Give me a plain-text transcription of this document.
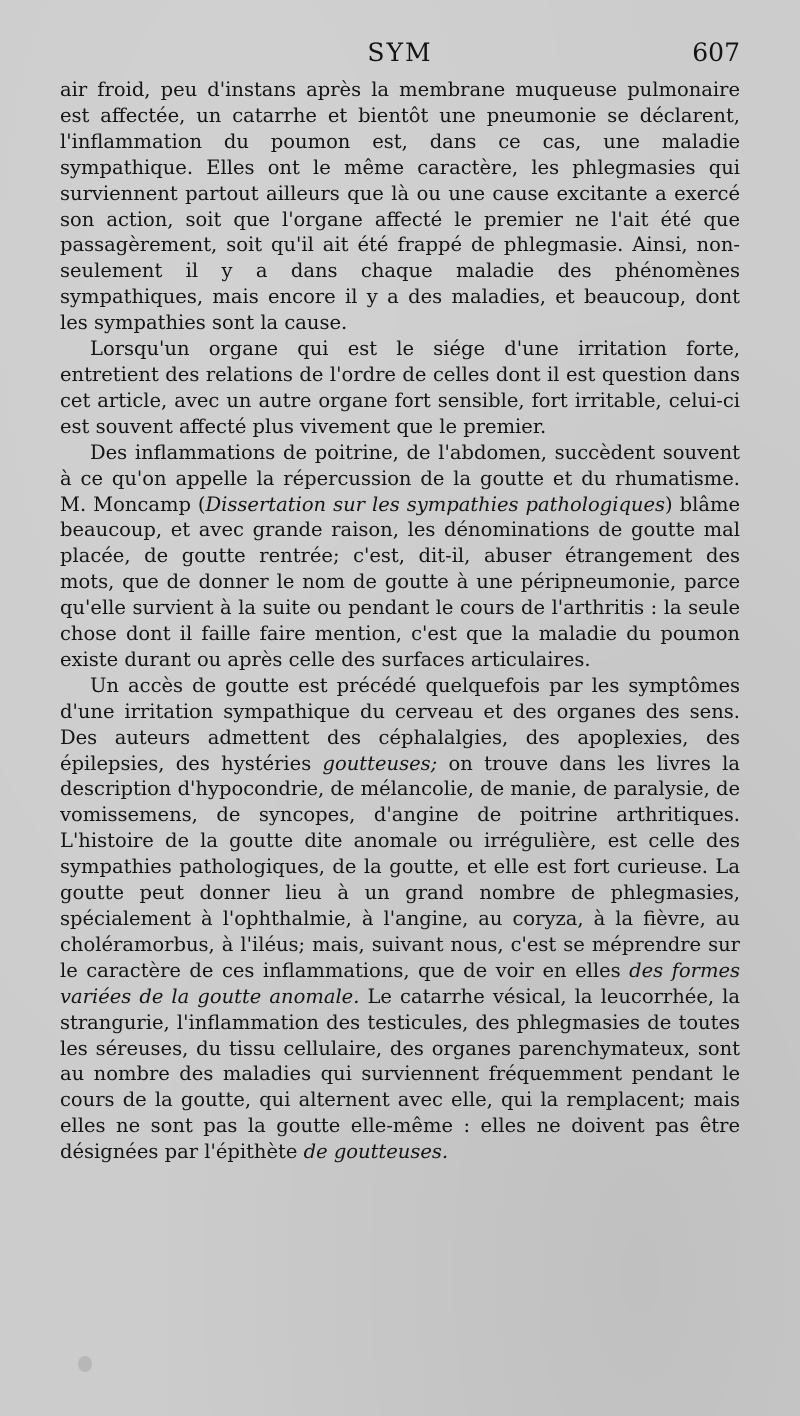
SYM	607

air froid, peu d'instans après la membrane muqueuse pulmonaire est affectée, un catarrhe et bientôt une pneumonie se déclarent, l'inflammation du poumon est, dans ce cas, une maladie sympathique. Elles ont le même caractère, les phlegmasies qui surviennent partout ailleurs que là ou une cause excitante a exercé son action, soit que l'organe affecté le premier ne l'ait été que passagèrement, soit qu'il ait été frappé de phlegmasie. Ainsi, non-seulement il y a dans chaque maladie des phénomènes sympathiques, mais encore il y a des maladies, et beaucoup, dont les sympathies sont la cause.

Lorsqu'un organe qui est le siége d'une irritation forte, entretient des relations de l'ordre de celles dont il est question dans cet article, avec un autre organe fort sensible, fort irritable, celui-ci est souvent affecté plus vivement que le premier.

Des inflammations de poitrine, de l'abdomen, succèdent souvent à ce qu'on appelle la répercussion de la goutte et du rhumatisme. M. Moncamp (Dissertation sur les sympathies pathologiques) blâme beaucoup, et avec grande raison, les dénominations de goutte mal placée, de goutte rentrée; c'est, dit-il, abuser étrangement des mots, que de donner le nom de goutte à une péripneumonie, parce qu'elle survient à la suite ou pendant le cours de l'arthritis : la seule chose dont il faille faire mention, c'est que la maladie du poumon existe durant ou après celle des surfaces articulaires.

Un accès de goutte est précédé quelquefois par les symptômes d'une irritation sympathique du cerveau et des organes des sens. Des auteurs admettent des céphalalgies, des apoplexies, des épilepsies, des hystéries goutteuses; on trouve dans les livres la description d'hypocondrie, de mélancolie, de manie, de paralysie, de vomissemens, de syncopes, d'angine de poitrine arthritiques. L'histoire de la goutte dite anomale ou irrégulière, est celle des sympathies pathologiques, de la goutte, et elle est fort curieuse. La goutte peut donner lieu à un grand nombre de phlegmasies, spécialement à l'ophthalmie, à l'angine, au coryza, à la fièvre, au choléramorbus, à l'iléus; mais, suivant nous, c'est se méprendre sur le caractère de ces inflammations, que de voir en elles des formes variées de la goutte anomale. Le catarrhe vésical, la leucorrhée, la strangurie, l'inflammation des testicules, des phlegmasies de toutes les séreuses, du tissu cellulaire, des organes parenchymateux, sont au nombre des maladies qui surviennent fréquemment pendant le cours de la goutte, qui alternent avec elle, qui la remplacent; mais elles ne sont pas la goutte elle-même : elles ne doivent pas être désignées par l'épithète de goutteuses.
